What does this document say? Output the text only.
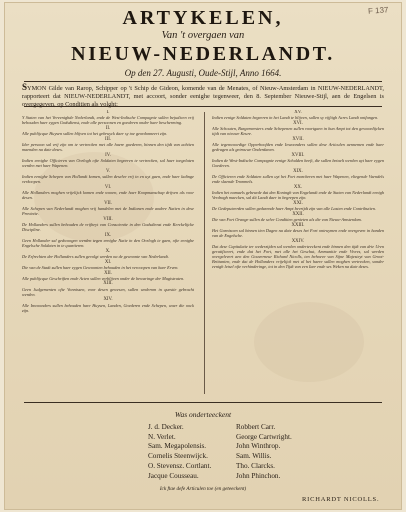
F 137
ARTYKELEN,
Van 't overgaen van
NIEUW-NEDERLANDT.
Op den 27. Augusti, Oude-Stijl, Anno 1664.
SYMON Gilde van Rarop, Schipper op 't Schip de Gideon, komende van de Menates, of Nieuw-Amsterdam in NIEUW-NEDERLANDT, rapporteert dat NIEUW-NEDERLANDT, met accoort, sonder eenighe tegenweer, den 8. September Nieuwe-Stijl, aen de Engelsen is overgegeven, op Conditien als volght:
I.
Y Staten van het Vereenighde Nederlandt, ende de West-Indische Compagnie sullen bejudicen vrij behouden haer eygen Godsdienst, ende alle persoonen en goederen onder haer bescherming.
II.
Alle publijcque Huysen sullen blijven tot het gebruyck daer sy toe geordonneert zijn.
III.
Ider persoon sal vrij zijn om te vertrecken met alle haere goederen, binnen den tijdt van achtien maenden na date deses.
IV.
Indien eenighe Officieren van Oorlogh ofte Soldaten begeeren te vertrecken, sal haer toegelaten werden met haer Wapenen.
V.
Indien eenighe Schepen van Hollandt komen, sullen deselve vrij in en uyt gaen, ende haer ladinge verkoopen.
VI.
Alle Hollanders moghen vrijelijck komen ende wonen, ende haer Koopmanschap drijven als voor desen.
VII.
Alle Schepen van Nederlandt moghen vrij handelen met de Indianen ende andere Natien in dese Provintie.
VIII.
De Hollanders sullen behouden de vrijheyt van Conscientie in den Godsdienst ende Kerckelijcke Discipline.
IX.
Geen Hollander sal gedwongen werden tegen eenighe Natie in den Oorlogh te gaen, ofte eenighe Engelsche Soldaten in te quartieren.
X.
De Erfrechten der Hollanders sullen gevolgt werden na de gewoonte van Nederlandt.
XI.
Die van de Stadt sullen haer eygen Gewoonten behouden in het vercoopen van haer Erven.
XII.
Alle publijcque Geschriften ende Acten sullen verblijven onder de bewaringe der Magistraten.
XIII.
Geen Judgementen ofte Vonnissen, voor desen gewesen, sullen wederom in questie gebracht werden.
XIV.
Alle Inwoonders sullen behouden hare Huysen, Landen, Goederen ende Schepen, waer die oock zijn.
XV.
Indien eenige Soldaten begeeren in het Landt te blijven, sullen sy vijftigh Acres Landt ontfangen.
XVI.
Alle Schouten, Burgemeesters ende Schepenen sullen voortgaen in hun Ampt tot den gewoonlijcken tijdt van nieuwe Keure.
XVII.
Alle tegenwoordige Opperhoofden ende Inwoonders sullen dese Articulen aennemen ende haer gedragen als getrouwe Onderdanen.
XVIII.
Indien de West-Indische Compagnie eenige Schulden heeft, die sullen betaelt werden uyt haer eygen Goederen.
XIX.
De Officieren ende Soldaten sullen uyt het Fort marcheren met haer Wapenen, vliegende Vaendels ende slaende Trommels.
XX.
Indien het namaels gebeurde dat den Koningh van Engelandt ende de Staten van Nederlandt eenigh Verdragh maecken, sal dit Landt daer in begrepen zijn.
XXI.
De Gedeputeerden sullen gedurende haer Ampt bevrijdt zijn van alle Lasten ende Contributien.
XXII.
Die van Fort Orange sullen de selve Conditien genieten als die van Nieuw-Amsterdam.
XXIII.
Het Garnisoen sal binnen tien Dagen na date deses het Fort ontruymen ende overgeven in handen van de Engelsche.
XXIV.
Dat dese Capitulatie ter wederzijden sal werden onderteeckent ende binnen den tijdt van drie Uren geratificeert, ende dat het Fort, met alle het Geschut, Ammunitie ende Vivres, sal werden overgelevert aen den Gouverneur Richard Nicolls, ten behoeve van Sijne Majesteyt van Groot-Brittanien, ende dat de Hollanders vrijelijck met al het haere sullen moghen vertrecken, sonder eenigh letsel ofte verhinderinge, tot in den Tijdt van een Iaer ende ses Weken na date deses.
Was onderteeckent
J. d. Decker.
N. Verlet.
Sam. Megapolensis.
Cornelis Steenwijck.
O. Stevensz. Cortlant.
Jacque Cousseau.
Robbert Carr.
George Cartwright.
John Winthrop.
Sam. Willis.
Tho. Clarcks.
John Phinchon.
Ick ftae defe Articulen toe (en geteeckent)
RICHARDT NICOLLS.
